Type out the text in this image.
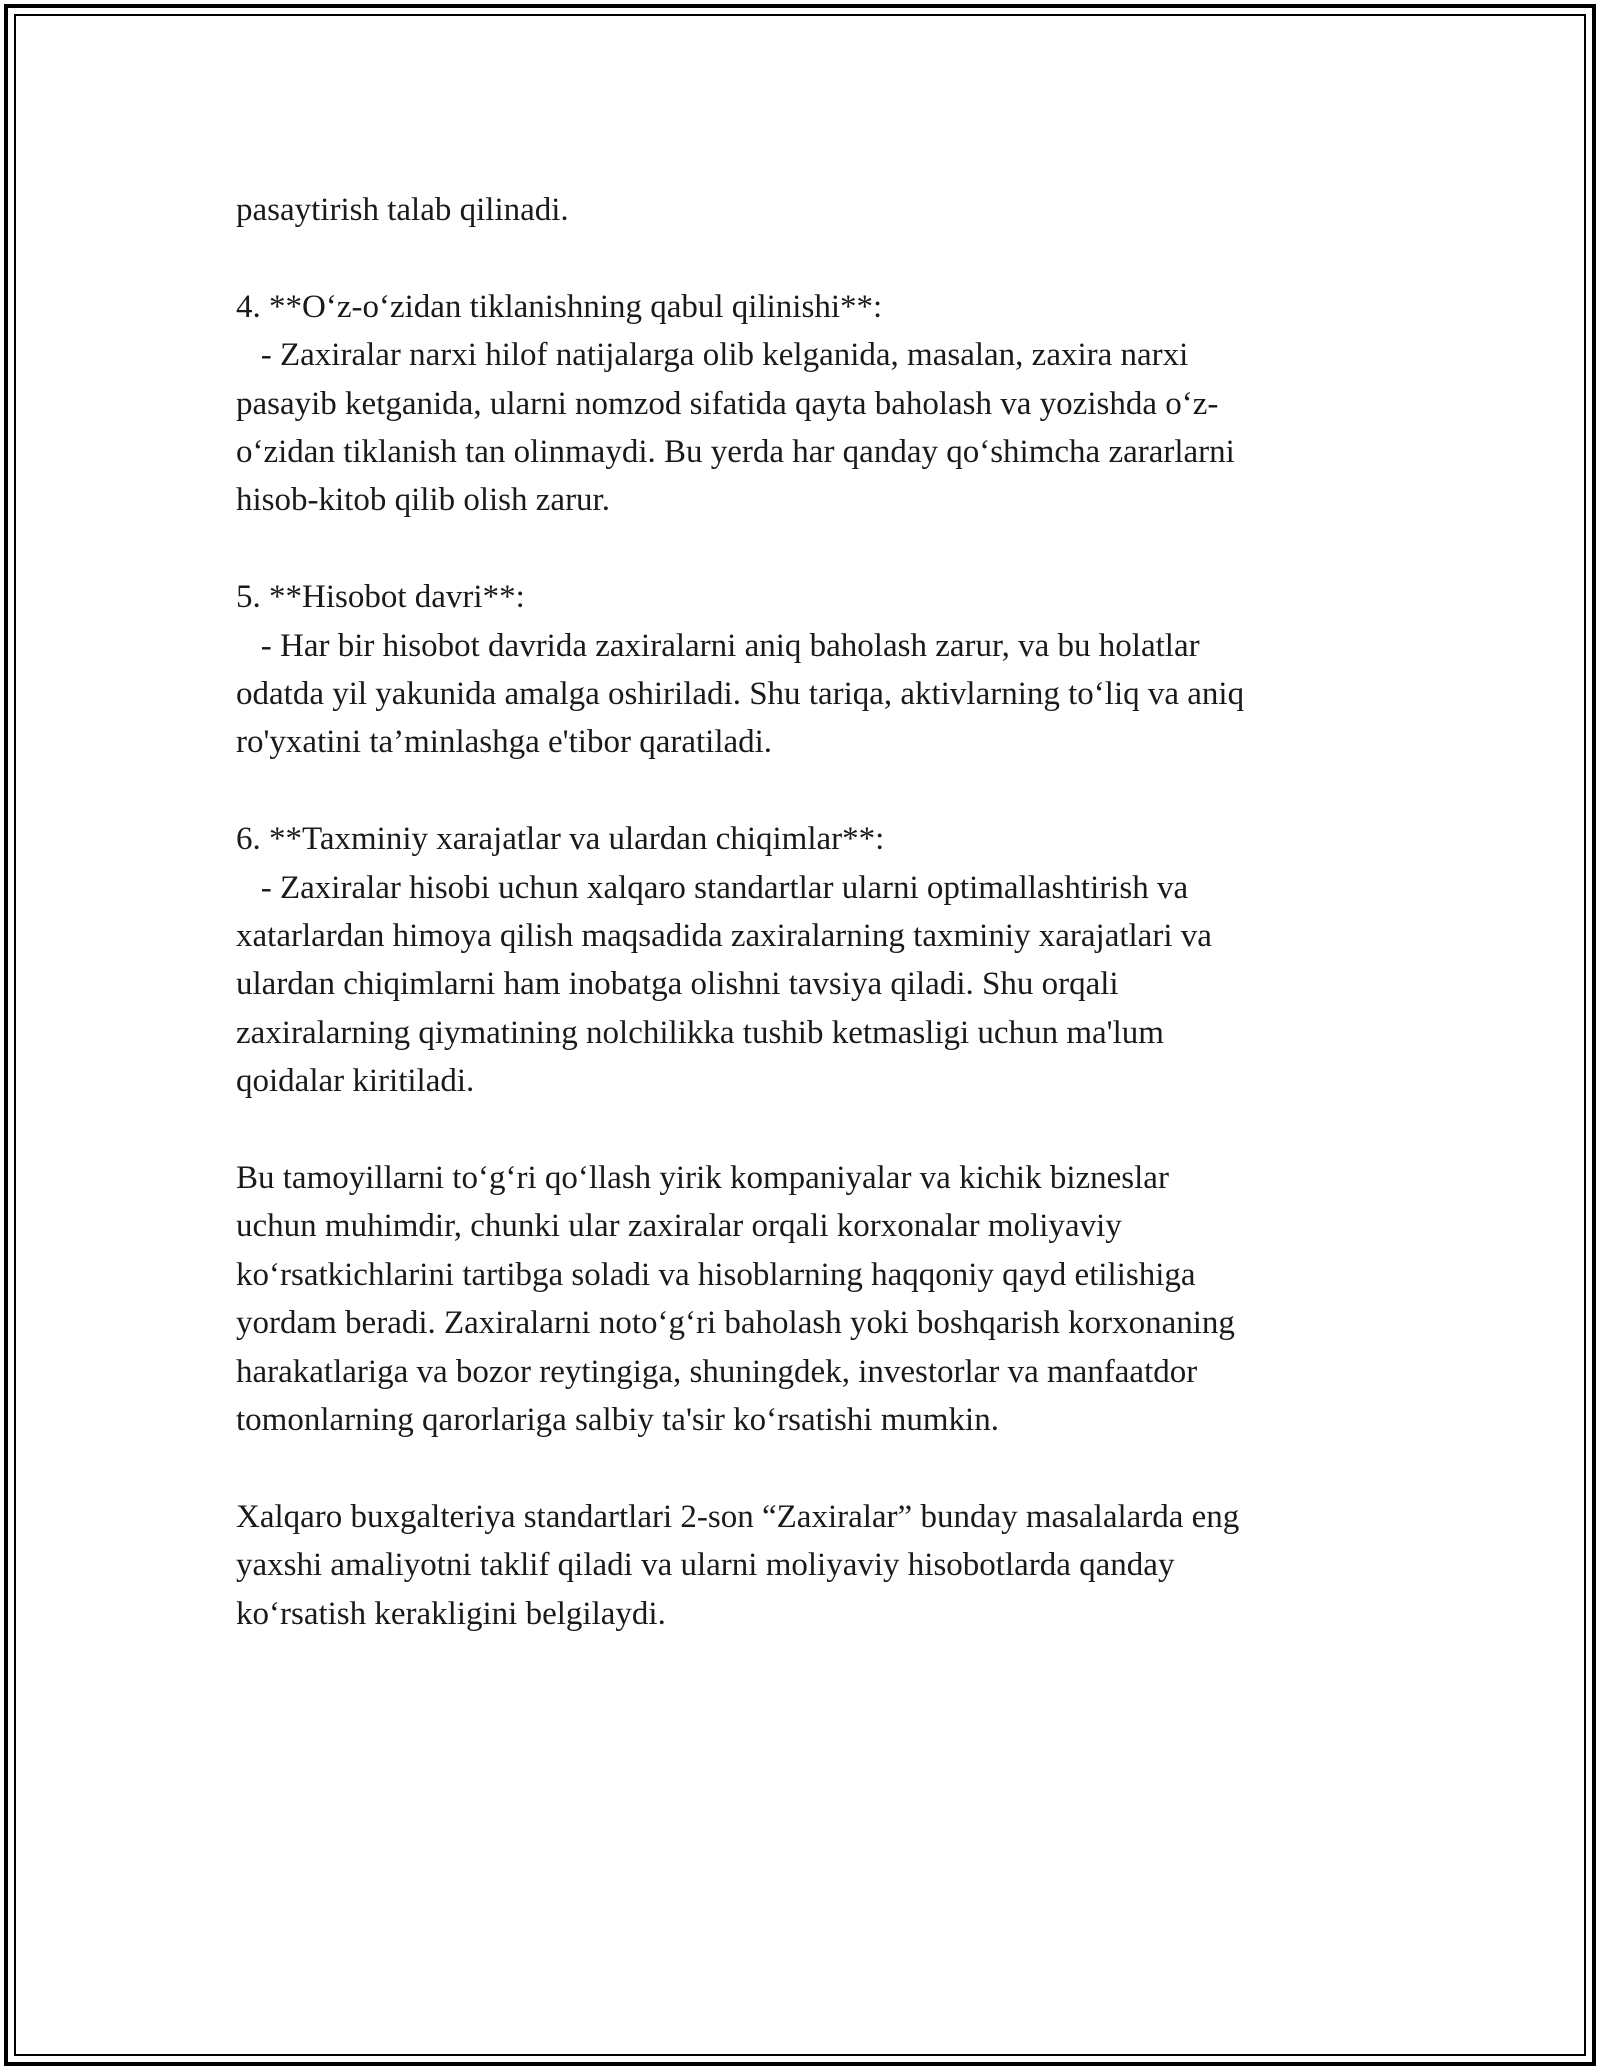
pasaytirish talab qilinadi.
4. **O‘z-o‘zidan tiklanishning qabul qilinishi**:
- Zaxiralar narxi hilof natijalarga olib kelganida, masalan, zaxira narxi
pasayib ketganida, ularni nomzod sifatida qayta baholash va yozishda o‘z-
o‘zidan tiklanish tan olinmaydi. Bu yerda har qanday qo‘shimcha zararlarni
hisob-kitob qilib olish zarur.
5. **Hisobot davri**:
- Har bir hisobot davrida zaxiralarni aniq baholash zarur, va bu holatlar
odatda yil yakunida amalga oshiriladi. Shu tariqa, aktivlarning to‘liq va aniq
ro'yxatini ta’minlashga e'tibor qaratiladi.
6. **Taxminiy xarajatlar va ulardan chiqimlar**:
- Zaxiralar hisobi uchun xalqaro standartlar ularni optimallashtirish va
xatarlardan himoya qilish maqsadida zaxiralarning taxminiy xarajatlari va
ulardan chiqimlarni ham inobatga olishni tavsiya qiladi. Shu orqali
zaxiralarning qiymatining nolchilikka tushib ketmasligi uchun ma'lum
qoidalar kiritiladi.
Bu tamoyillarni to‘g‘ri qo‘llash yirik kompaniyalar va kichik bizneslar
uchun muhimdir, chunki ular zaxiralar orqali korxonalar moliyaviy
ko‘rsatkichlarini tartibga soladi va hisoblarning haqqoniy qayd etilishiga
yordam beradi. Zaxiralarni noto‘g‘ri baholash yoki boshqarish korxonaning
harakatlariga va bozor reytingiga, shuningdek, investorlar va manfaatdor
tomonlarning qarorlariga salbiy ta'sir ko‘rsatishi mumkin.
Xalqaro buxgalteriya standartlari 2-son “Zaxiralar” bunday masalalarda eng
yaxshi amaliyotni taklif qiladi va ularni moliyaviy hisobotlarda qanday
ko‘rsatish kerakligini belgilaydi.
